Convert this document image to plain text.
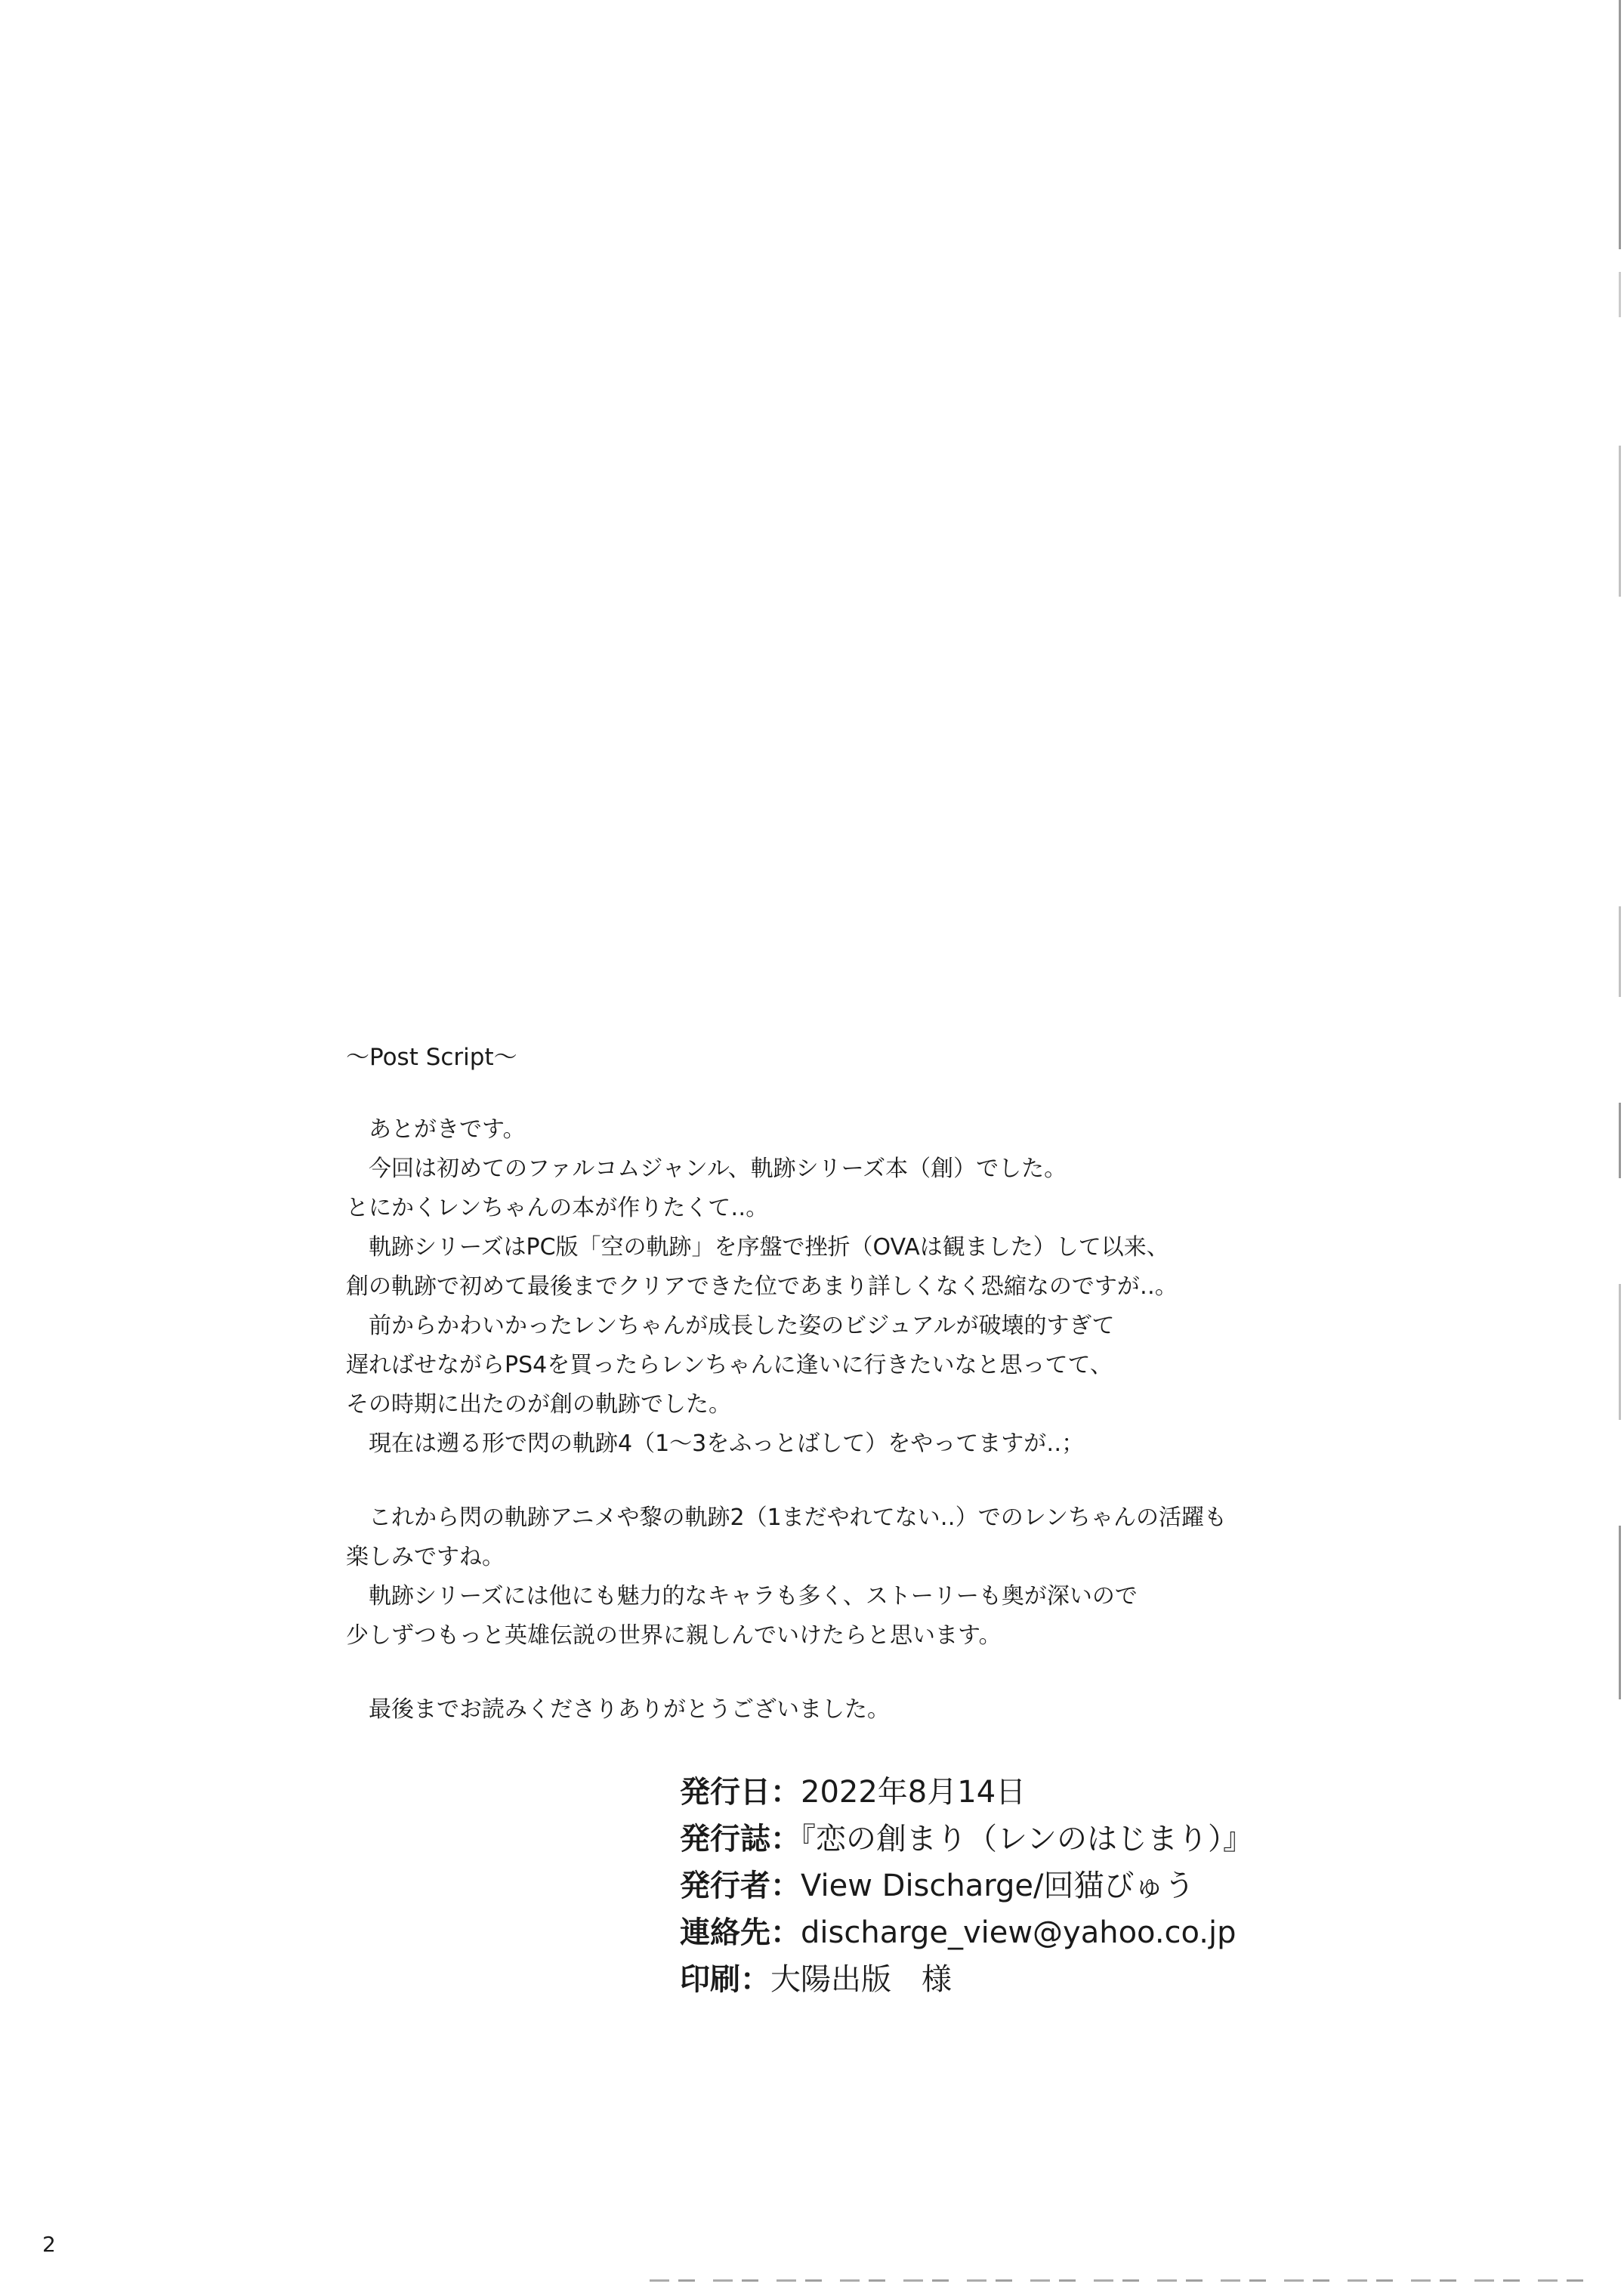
～Post Script～
　あとがきです。
　今回は初めてのファルコムジャンル、軌跡シリーズ本（創）でした。
とにかくレンちゃんの本が作りたくて‥。
　軌跡シリーズはPC版「空の軌跡」を序盤で挫折（OVAは観ました）して以来、
創の軌跡で初めて最後までクリアできた位であまり詳しくなく恐縮なのですが‥。
　前からかわいかったレンちゃんが成長した姿のビジュアルが破壊的すぎて
遅ればせながらPS4を買ったらレンちゃんに逢いに行きたいなと思ってて、
その時期に出たのが創の軌跡でした。
　現在は遡る形で閃の軌跡4（1～3をふっとばして）をやってますが‥；
　これから閃の軌跡アニメや黎の軌跡2（1まだやれてない‥）でのレンちゃんの活躍も
楽しみですね。
　軌跡シリーズには他にも魅力的なキャラも多く、ストーリーも奥が深いので
少しずつもっと英雄伝説の世界に親しんでいけたらと思います。
　最後までお読みくださりありがとうございました。
発行日：2022年8月14日
発行誌：『恋の創まり（レンのはじまり）』
発行者：View Discharge/回猫びゅう
連絡先：discharge_view@yahoo.co.jp
印刷：大陽出版　様
2
